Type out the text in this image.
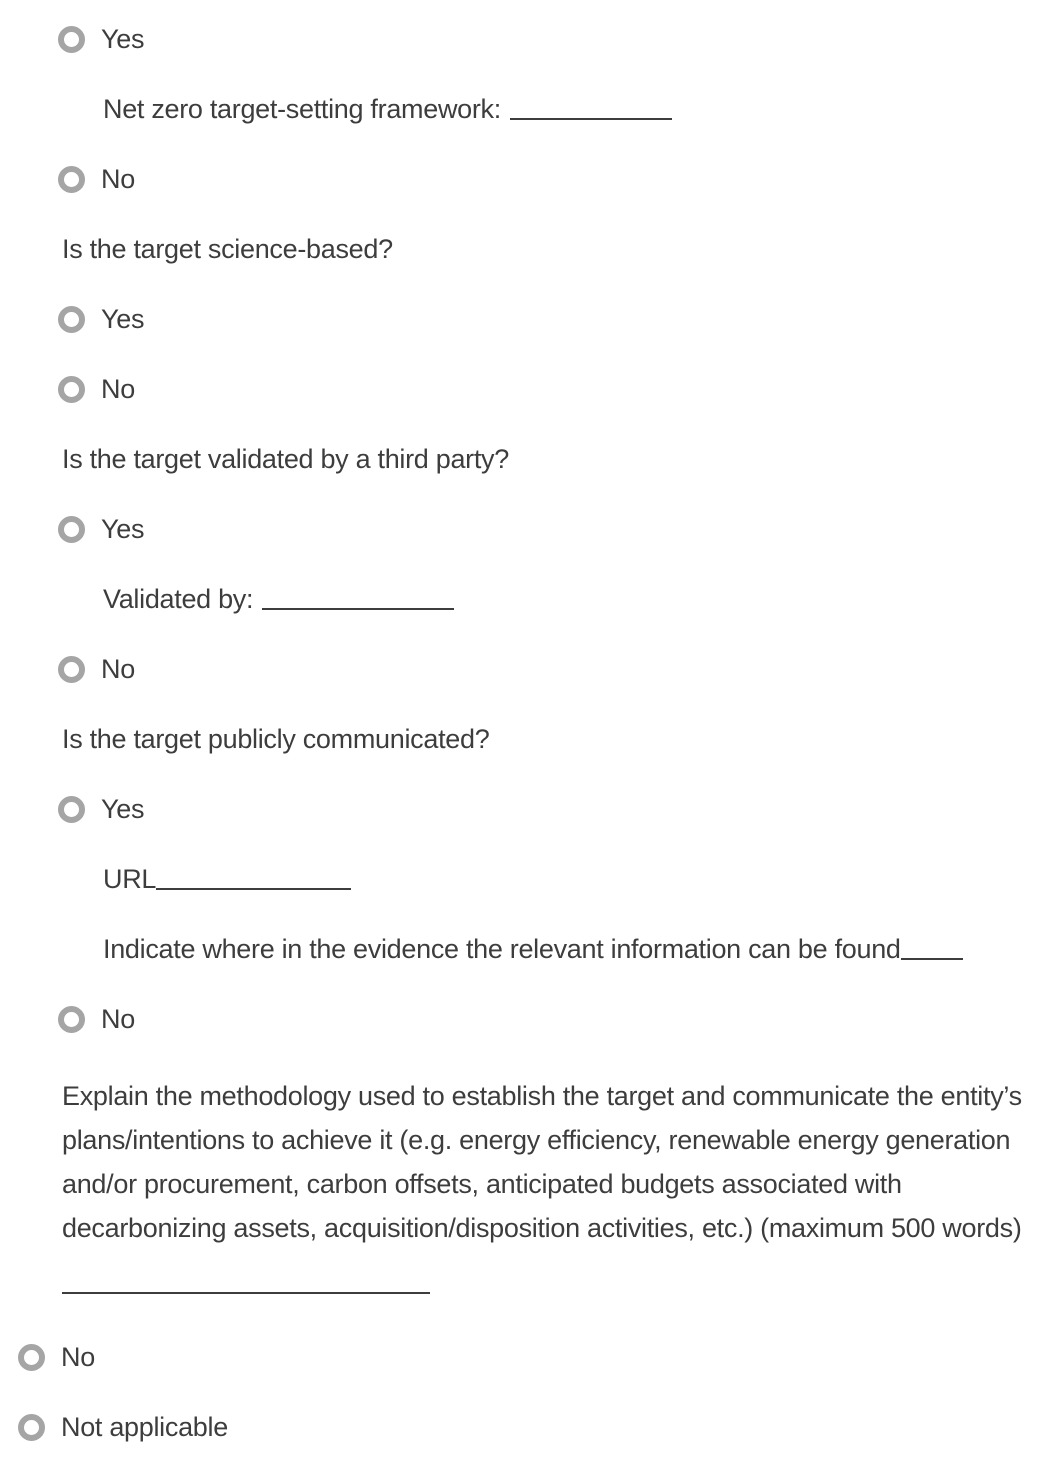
Yes
Net zero target-setting framework:
No
Is the target science-based?
Yes
No
Is the target validated by a third party?
Yes
Validated by:
No
Is the target publicly communicated?
Yes
URL
Indicate where in the evidence the relevant information can be found
No

Explain the methodology used to establish the target and communicate the entity’s plans/intentions to achieve it (e.g. energy efficiency, renewable energy generation and/or procurement, carbon offsets, anticipated budgets associated with decarbonizing assets, acquisition/disposition activities, etc.) (maximum 500 words)

No
Not applicable
